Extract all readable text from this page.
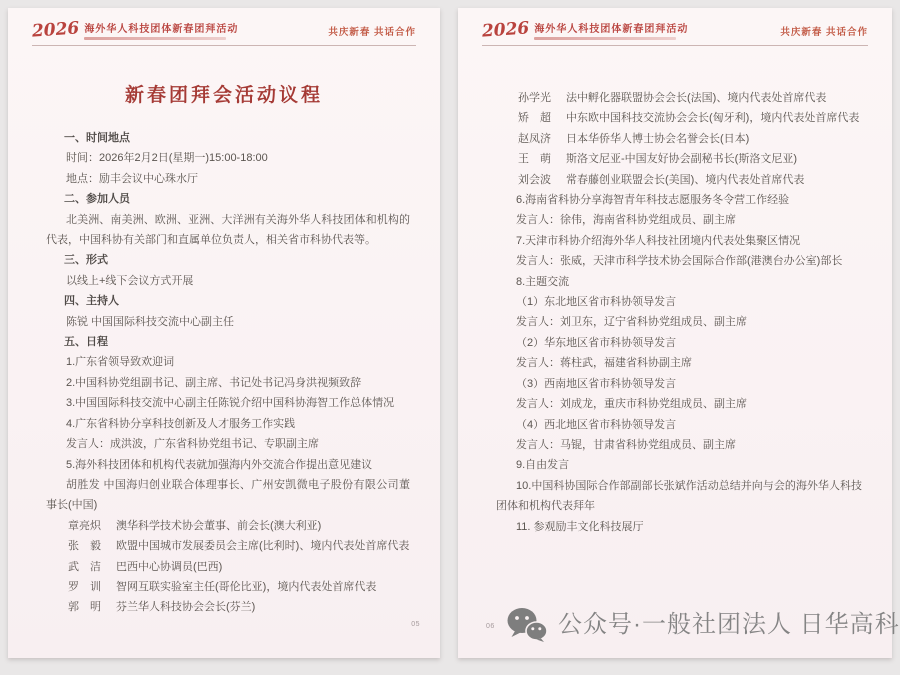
2026 海外华人科技团体新春团拜活动	共庆新春 共话合作
新春团拜会活动议程
一、时间地点
时间：2026年2月2日(星期一)15:00-18:00
地点：励丰会议中心珠水厅
二、参加人员
北美洲、南美洲、欧洲、亚洲、大洋洲有关海外华人科技团体和机构的代表，中国科协有关部门和直属单位负责人，相关省市科协代表等。
三、形式
以线上+线下会议方式开展
四、主持人
陈锐 中国国际科技交流中心副主任
五、日程
1.广东省领导致欢迎词
2.中国科协党组副书记、副主席、书记处书记冯身洪视频致辞
3.中国国际科技交流中心副主任陈锐介绍中国科协海智工作总体情况
4.广东省科协分享科技创新及人才服务工作实践
发言人：成洪波，广东省科协党组书记、专职副主席
5.海外科技团体和机构代表就加强海内外交流合作提出意见建议
胡胜发 中国海归创业联合体理事长、广州安凯微电子股份有限公司董事长(中国)
章亮炽	澳华科学技术协会董事、前会长(澳大利亚)
张　毅	欧盟中国城市发展委员会主席(比利时)、境内代表处首席代表
武　洁	巴西中心协调员(巴西)
罗　训	智网互联实验室主任(哥伦比亚)，境内代表处首席代表
郭　明	芬兰华人科技协会会长(芬兰)
05
2026 海外华人科技团体新春团拜活动	共庆新春 共话合作
孙学光	法中孵化器联盟协会会长(法国)、境内代表处首席代表
矫　超	中东欧中国科技交流协会会长(匈牙利)，境内代表处首席代表
赵凤济	日本华侨华人博士协会名誉会长(日本)
王　萌	斯洛文尼亚-中国友好协会副秘书长(斯洛文尼亚)
刘会波	常春藤创业联盟会长(美国)、境内代表处首席代表
6.海南省科协分享海智青年科技志愿服务冬令营工作经验
发言人：徐伟，海南省科协党组成员、副主席
7.天津市科协介绍海外华人科技社团境内代表处集聚区情况
发言人：张威，天津市科学技术协会国际合作部(港澳台办公室)部长
8.主题交流
（1）东北地区省市科协领导发言
发言人：刘卫东，辽宁省科协党组成员、副主席
（2）华东地区省市科协领导发言
发言人：蒋柱武，福建省科协副主席
（3）西南地区省市科协领导发言
发言人：刘成龙，重庆市科协党组成员、副主席
（4）西北地区省市科协领导发言
发言人：马锟，甘肃省科协党组成员、副主席
9.自由发言
10.中国科协国际合作部副部长张斌作活动总结并向与会的海外华人科技团体和机构代表拜年
11. 参观励丰文化科技展厅
06	公众号·一般社团法人 日华高科
